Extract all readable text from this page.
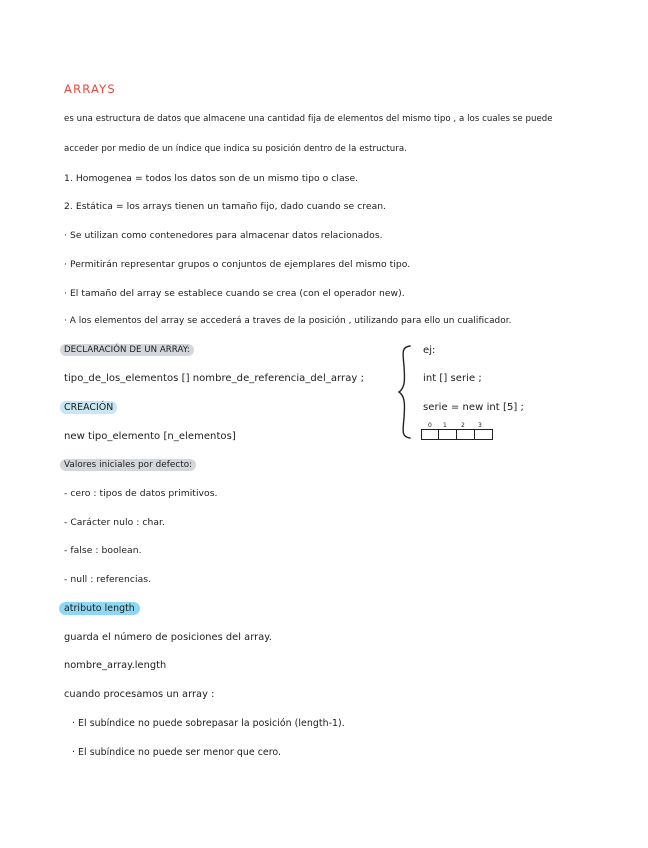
ARRAYS
es una estructura de datos que almacene una cantidad fija de elementos del mismo tipo , a los cuales se puede
acceder por medio de un índice que indica su posición dentro de la estructura.
1. Homogenea = todos los datos son de un mismo tipo o clase.
2. Estática = los arrays tienen un tamaño fijo, dado cuando se crean.
· Se utilizan como contenedores para almacenar datos relacionados.
· Permitirán representar grupos o conjuntos de ejemplares del mismo tipo.
· El tamaño del array se establece cuando se crea (con el operador new).
· A los elementos del array se accederá a traves de la posición , utilizando para ello un cualificador.
DECLARACIÓN DE UN ARRAY:
tipo_de_los_elementos [] nombre_de_referencia_del_array ;
CREACIÓN
new tipo_elemento [n_elementos]
ej:
int [] serie ;
serie = new int [5] ;
0 1 2 3
Valores iniciales por defecto:
- cero : tipos de datos primitivos.
- Carácter nulo : char.
- false : boolean.
- null : referencias.
atributo length
guarda el número de posiciones del array.
nombre_array.length
cuando procesamos un array :
· El subíndice no puede sobrepasar la posición (length-1).
· El subíndice no puede ser menor que cero.
